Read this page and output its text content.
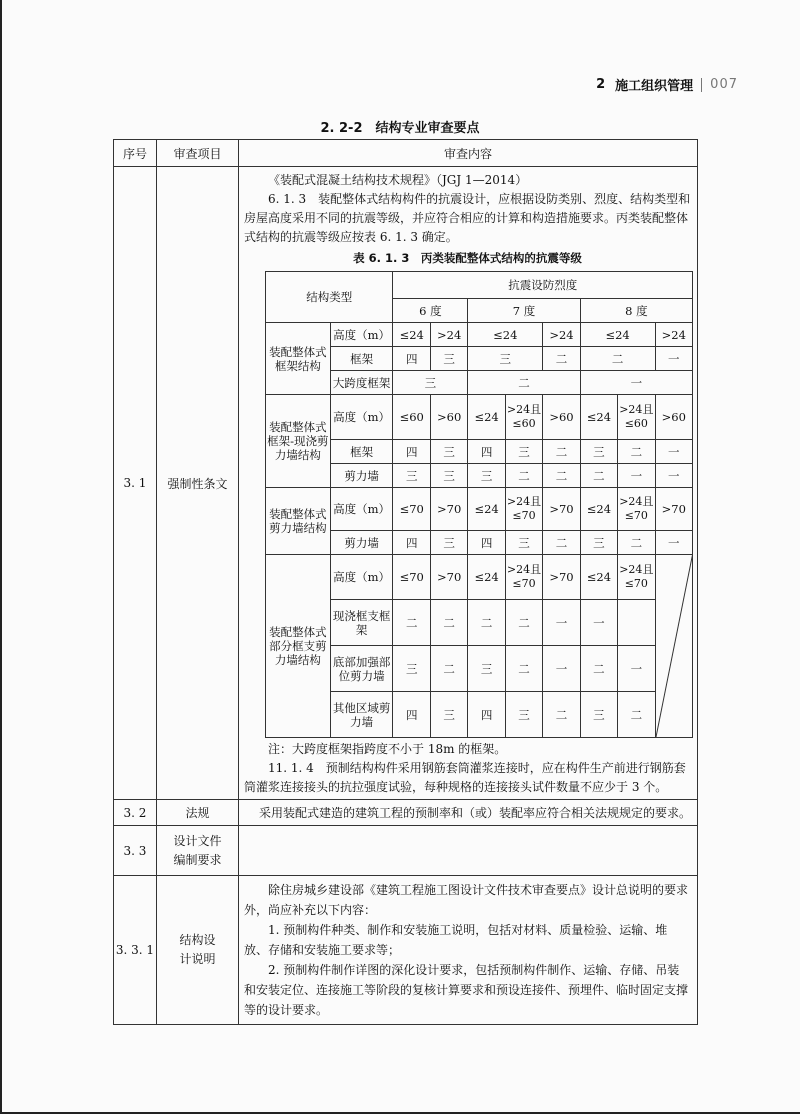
2 施工组织管理 007
2. 2-2　结构专业审查要点
序号	审查项目	审查内容
3. 1	强制性条文	

《装配式混凝土结构技术规程》（JGJ 1—2014）

6. 1. 3　装配整体式结构构件的抗震设计，应根据设防类别、烈度、结构类型和房屋高度采用不同的抗震等级，并应符合相应的计算和构造措施要求。丙类装配整体式结构的抗震等级应按表 6. 1. 3 确定。

表 6. 1. 3　丙类装配整体式结构的抗震等级
结构类型	抗震设防烈度
6 度	7 度	8 度
装配整体式框架结构	高度（m）	≤24	>24	≤24	>24	≤24	>24
框架	四	三	三	二	二	一
大跨度框架	三	二	一
装配整体式框架-现浇剪力墙结构	高度（m）	≤60	>60	≤24	>24且≤60	>60	≤24	>24且≤60	>60
框架	四	三	四	三	二	三	二	一
剪力墙	三	三	三	二	二	二	一	一
装配整体式剪力墙结构	高度（m）	≤70	>70	≤24	>24且≤70	>70	≤24	>24且≤70	>70
剪力墙	四	三	四	三	二	三	二	一
装配整体式部分框支剪力墙结构	高度（m）	≤70	>70	≤24	>24且≤70	>70	≤24	>24且≤70	

现浇框支框架	二	二	二	二	一	一	
底部加强部位剪力墙	三	二	三	二	一	二	一
其他区域剪力墙	四	三	四	三	二	三	二

注：大跨度框架指跨度不小于 18m 的框架。

11. 1. 4　预制结构构件采用钢筋套筒灌浆连接时，应在构件生产前进行钢筋套筒灌浆连接接头的抗拉强度试验，每种规格的连接接头试件数量不应少于 3 个。

3. 2	法规	采用装配式建造的建筑工程的预制率和（或）装配率应符合相关法规规定的要求。
3. 3	设计文件编制要求	
3. 3. 1	结构设计说明	

除住房城乡建设部《建筑工程施工图设计文件技术审查要点》设计总说明的要求外，尚应补充以下内容：

1. 预制构件种类、制作和安装施工说明，包括对材料、质量检验、运输、堆放、存储和安装施工要求等；

2. 预制构件制作详图的深化设计要求，包括预制构件制作、运输、存储、吊装和安装定位、连接施工等阶段的复核计算要求和预设连接件、预埋件、临时固定支撑等的设计要求。
